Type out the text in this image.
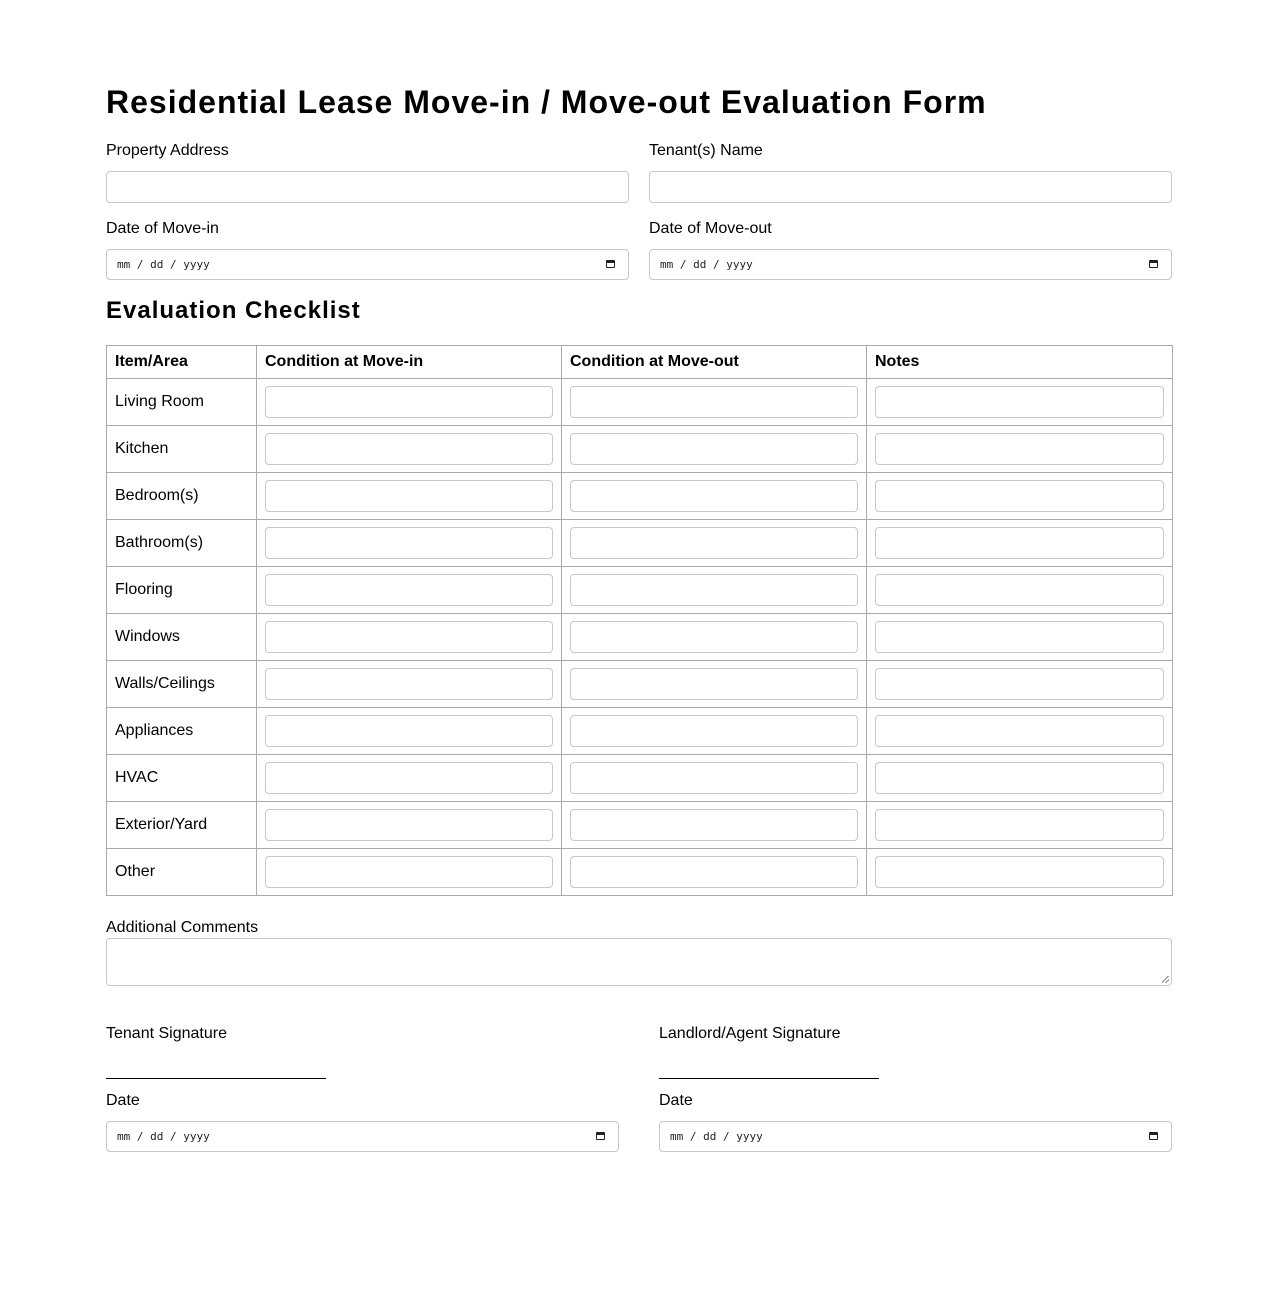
Residential Lease Move-in / Move-out Evaluation Form
Property Address	Tenant(s) Name
Date of Move-in
mm / dd / yyyy
Date of Move-out
mm / dd / yyyy
Evaluation Checklist
Item/Area	Condition at Move-in	Condition at Move-out	Notes
Living Room			
Kitchen			
Bedroom(s)			
Bathroom(s)			
Flooring			
Windows			
Walls/Ceilings			
Appliances			
HVAC			
Exterior/Yard			
Other			
Additional Comments
Tenant Signature
Date
mm / dd / yyyy
Landlord/Agent Signature
Date
mm / dd / yyyy
